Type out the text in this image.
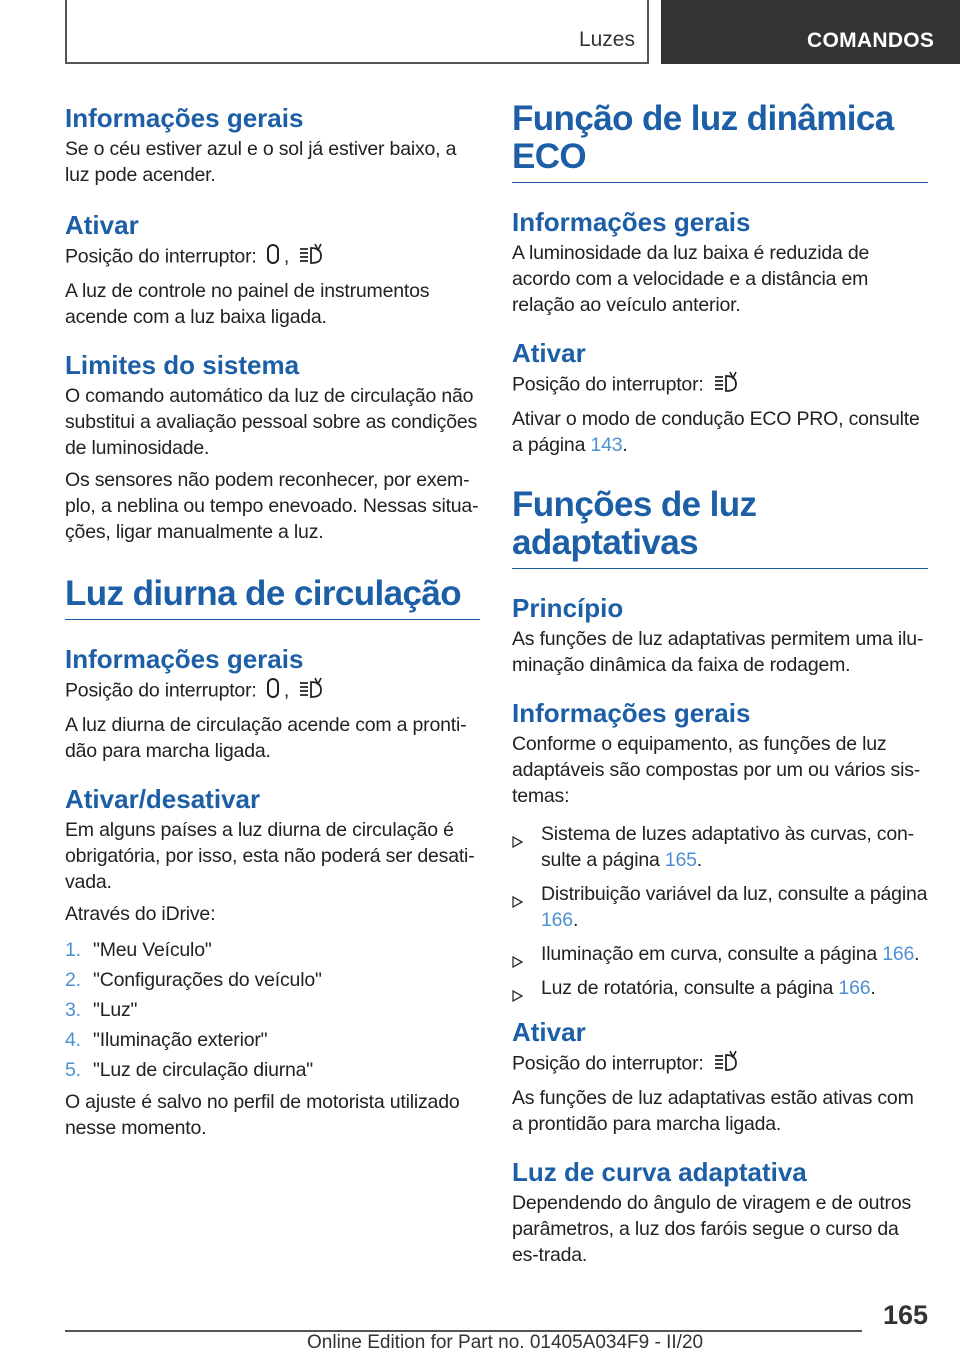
Luzes	COMANDOS
Informações gerais

Se o céu estiver azul e o sol já estiver baixo, a luz pode acender.

Ativar

Posição do interruptor: ,

A luz de controle no painel de instrumentos acende com a luz baixa ligada.

Limites do sistema

O comando automático da luz de circulação não substitui a avaliação pessoal sobre as condições de luminosidade.

Os sensores não podem reconhecer, por exem‐plo, a neblina ou tempo enevoado. Nessas situa‐ções, ligar manualmente a luz.

Luz diurna de circulação
Informações gerais

Posição do interruptor: ,

A luz diurna de circulação acende com a pronti‐dão para marcha ligada.

Ativar/desativar

Em alguns países a luz diurna de circulação é obrigatória, por isso, esta não poderá ser desati‐vada.

Através do iDrive:

1. "Meu Veículo"
2. "Configurações do veículo"
3. "Luz"
4. "Iluminação exterior"
5. "Luz de circulação diurna"

O ajuste é salvo no perfil de motorista utilizado nesse momento.

Função de luz dinâmica ECO
Informações gerais

A luminosidade da luz baixa é reduzida de acordo com a velocidade e a distância em relação ao veículo anterior.

Ativar

Posição do interruptor:

Ativar o modo de condução ECO PRO, consulte a página 143.

Funções de luz adaptativas
Princípio

As funções de luz adaptativas permitem uma ilu‐minação dinâmica da faixa de rodagem.

Informações gerais

Conforme o equipamento, as funções de luz adaptáveis são compostas por um ou vários sis‐temas:

Sistema de luzes adaptativo às curvas, con‐sulte a página 165.
Distribuição variável da luz, consulte a página 166.
Iluminação em curva, consulte a página 166.
Luz de rotatória, consulte a página 166.
Ativar

Posição do interruptor:

As funções de luz adaptativas estão ativas com a prontidão para marcha ligada.

Luz de curva adaptativa

Dependendo do ângulo de viragem e de outros parâmetros, a luz dos faróis segue o curso da es‐trada.

165
Online Edition for Part no. 01405A034F9 - II/20
